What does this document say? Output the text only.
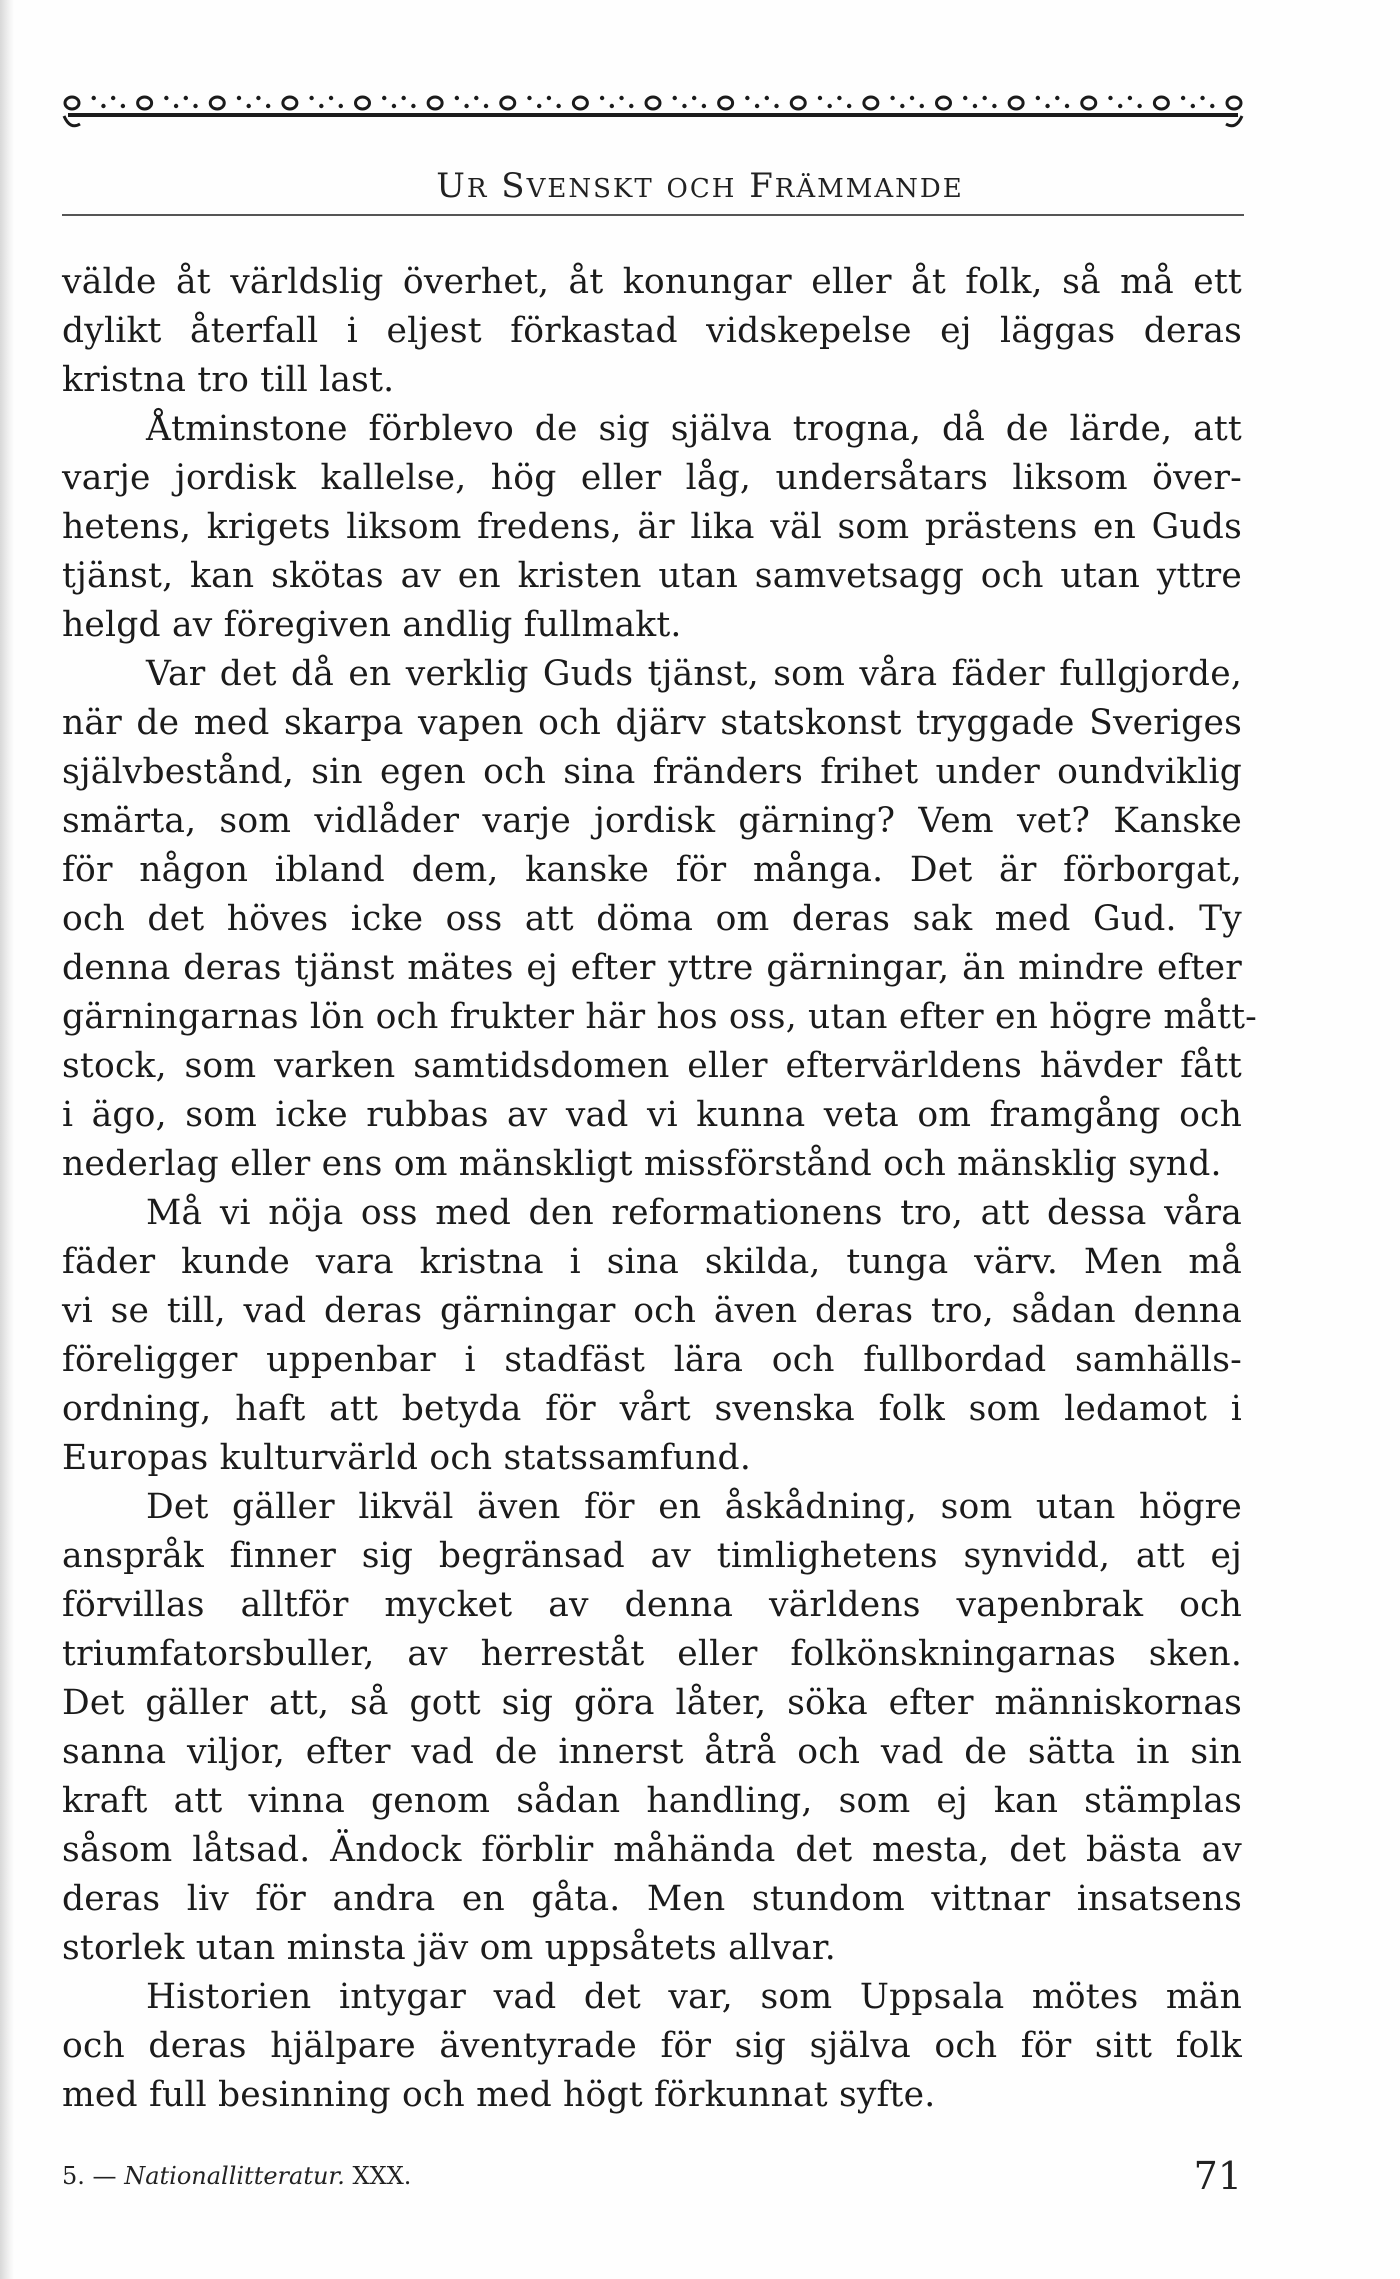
UR SVENSKT OCH FRÄMMANDE
välde åt världslig överhet, åt konungar eller åt folk, så må ett
dylikt återfall i eljest förkastad vidskepelse ej läggas deras
kristna tro till last.
Åtminstone förblevo de sig själva trogna, då de lärde, att
varje jordisk kallelse, hög eller låg, undersåtars liksom över-
hetens, krigets liksom fredens, är lika väl som prästens en Guds
tjänst, kan skötas av en kristen utan samvetsagg och utan yttre
helgd av föregiven andlig fullmakt.
Var det då en verklig Guds tjänst, som våra fäder fullgjorde,
när de med skarpa vapen och djärv statskonst tryggade Sveriges
självbestånd, sin egen och sina fränders frihet under oundviklig
smärta, som vidlåder varje jordisk gärning? Vem vet? Kanske
för någon ibland dem, kanske för många. Det är förborgat,
och det höves icke oss att döma om deras sak med Gud. Ty
denna deras tjänst mätes ej efter yttre gärningar, än mindre efter
gärningarnas lön och frukter här hos oss, utan efter en högre mått-
stock, som varken samtidsdomen eller eftervärldens hävder fått
i ägo, som icke rubbas av vad vi kunna veta om framgång och
nederlag eller ens om mänskligt missförstånd och mänsklig synd.
Må vi nöja oss med den reformationens tro, att dessa våra
fäder kunde vara kristna i sina skilda, tunga värv. Men må
vi se till, vad deras gärningar och även deras tro, sådan denna
föreligger uppenbar i stadfäst lära och fullbordad samhälls-
ordning, haft att betyda för vårt svenska folk som ledamot i
Europas kulturvärld och statssamfund.
Det gäller likväl även för en åskådning, som utan högre
anspråk finner sig begränsad av timlighetens synvidd, att ej
förvillas alltför mycket av denna världens vapenbrak och
triumfatorsbuller, av herreståt eller folkönskningarnas sken.
Det gäller att, så gott sig göra låter, söka efter människornas
sanna viljor, efter vad de innerst åtrå och vad de sätta in sin
kraft att vinna genom sådan handling, som ej kan stämplas
såsom låtsad. Ändock förblir måhända det mesta, det bästa av
deras liv för andra en gåta. Men stundom vittnar insatsens
storlek utan minsta jäv om uppsåtets allvar.
Historien intygar vad det var, som Uppsala mötes män
och deras hjälpare äventyrade för sig själva och för sitt folk
med full besinning och med högt förkunnat syfte.
5. — Nationallitteratur. XXX.	71
